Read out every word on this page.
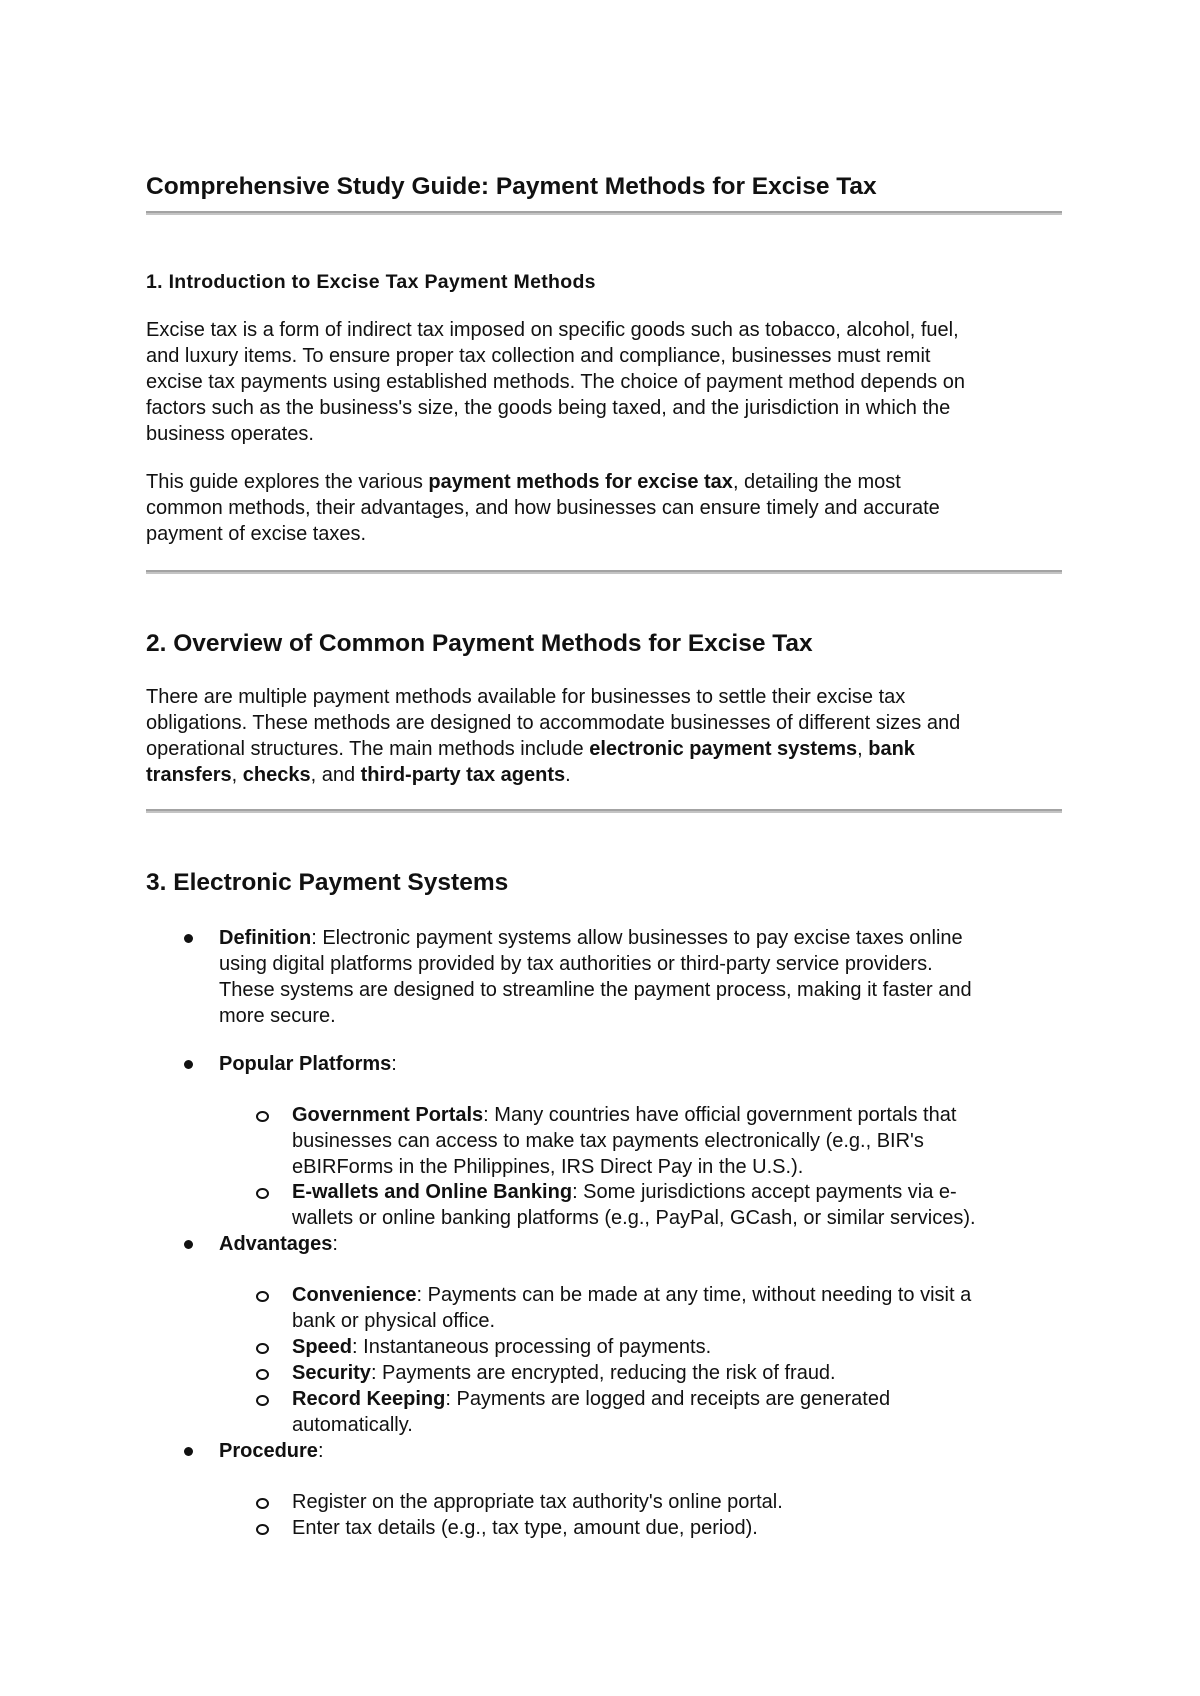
Comprehensive Study Guide: Payment Methods for Excise Tax
1. Introduction to Excise Tax Payment Methods
Excise tax is a form of indirect tax imposed on specific goods such as tobacco, alcohol, fuel,
and luxury items. To ensure proper tax collection and compliance, businesses must remit
excise tax payments using established methods. The choice of payment method depends on
factors such as the business's size, the goods being taxed, and the jurisdiction in which the
business operates.
This guide explores the various payment methods for excise tax, detailing the most
common methods, their advantages, and how businesses can ensure timely and accurate
payment of excise taxes.
2. Overview of Common Payment Methods for Excise Tax
There are multiple payment methods available for businesses to settle their excise tax
obligations. These methods are designed to accommodate businesses of different sizes and
operational structures. The main methods include electronic payment systems, bank
transfers, checks, and third-party tax agents.
3. Electronic Payment Systems
Definition: Electronic payment systems allow businesses to pay excise taxes online
using digital platforms provided by tax authorities or third-party service providers.
These systems are designed to streamline the payment process, making it faster and
more secure.
Popular Platforms:
Government Portals: Many countries have official government portals that
businesses can access to make tax payments electronically (e.g., BIR's
eBIRForms in the Philippines, IRS Direct Pay in the U.S.).
E-wallets and Online Banking: Some jurisdictions accept payments via e-
wallets or online banking platforms (e.g., PayPal, GCash, or similar services).
Advantages:
Convenience: Payments can be made at any time, without needing to visit a
bank or physical office.
Speed: Instantaneous processing of payments.
Security: Payments are encrypted, reducing the risk of fraud.
Record Keeping: Payments are logged and receipts are generated
automatically.
Procedure:
Register on the appropriate tax authority's online portal.
Enter tax details (e.g., tax type, amount due, period).
